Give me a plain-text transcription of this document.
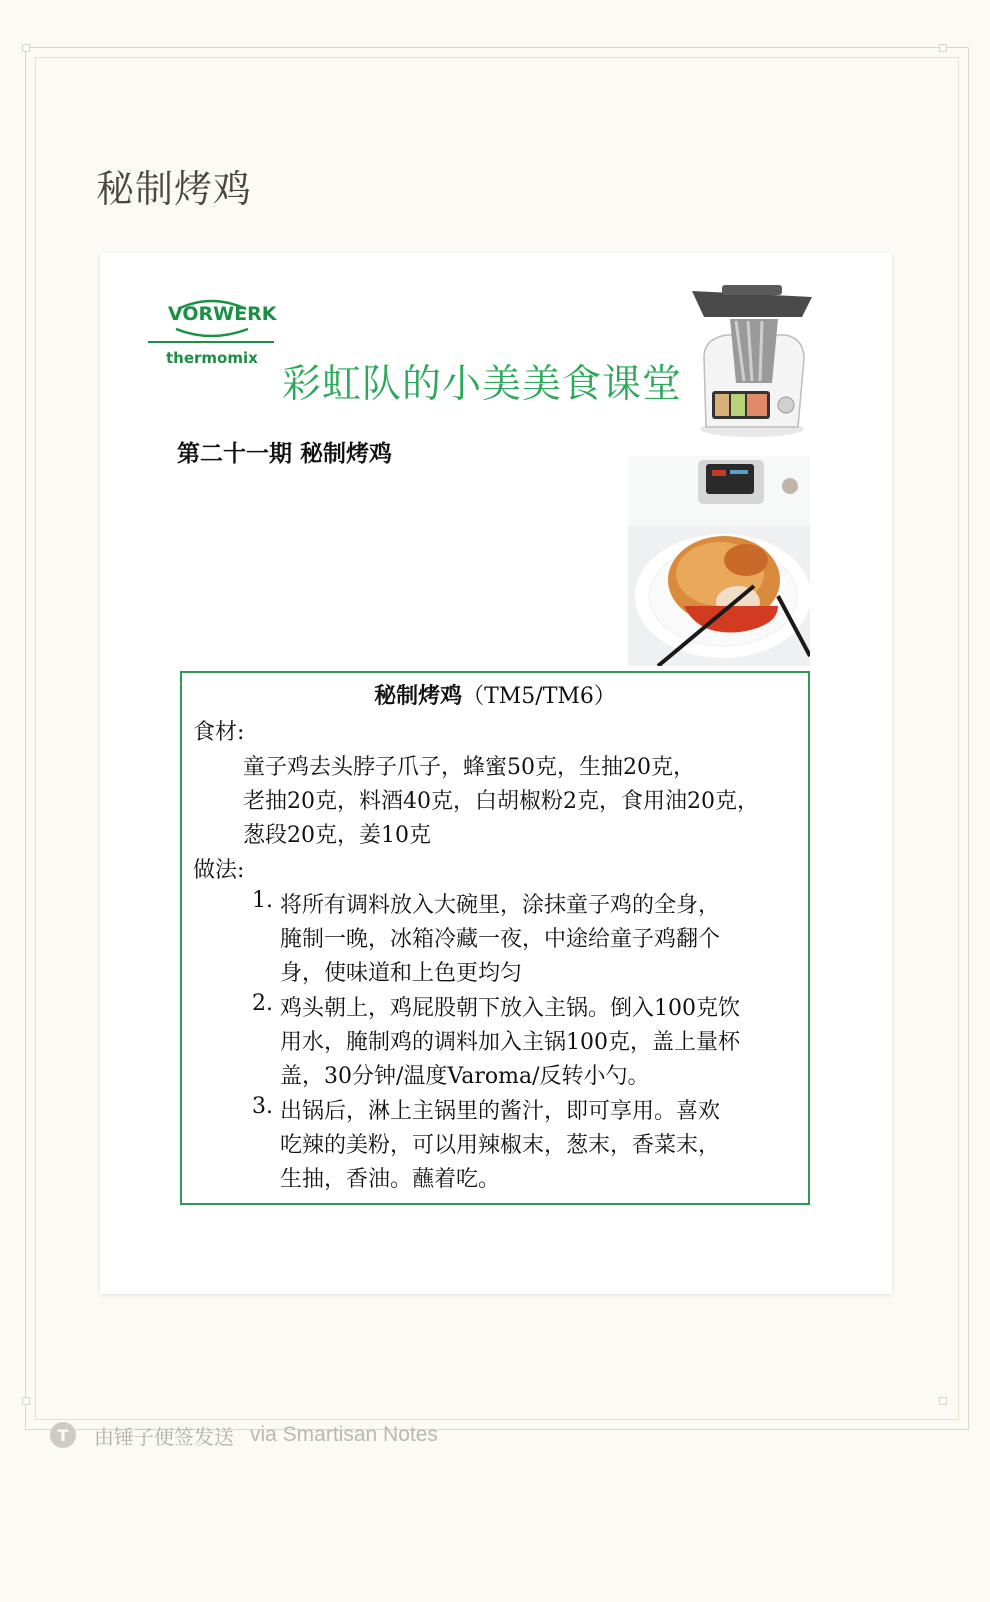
秘制烤鸡
VORWERK
thermomix
彩虹队的小美美食课堂
第二十一期 秘制烤鸡
秘制烤鸡（TM5/TM6）
食材:
童子鸡去头脖子爪子，蜂蜜50克，生抽20克，
老抽20克，料酒40克，白胡椒粉2克，食用油20克，
葱段20克，姜10克
做法:
1. 将所有调料放入大碗里，涂抹童子鸡的全身，
腌制一晚，冰箱冷藏一夜，中途给童子鸡翻个
身，使味道和上色更均匀
2. 鸡头朝上，鸡屁股朝下放入主锅。倒入100克饮
用水，腌制鸡的调料加入主锅100克，盖上量杯
盖，30分钟/温度Varoma/反转小勺。
3. 出锅后，淋上主锅里的酱汁，即可享用。喜欢
吃辣的美粉，可以用辣椒末，葱末，香菜末，
生抽，香油。蘸着吃。
T	由锤子便签发送 via Smartisan Notes
